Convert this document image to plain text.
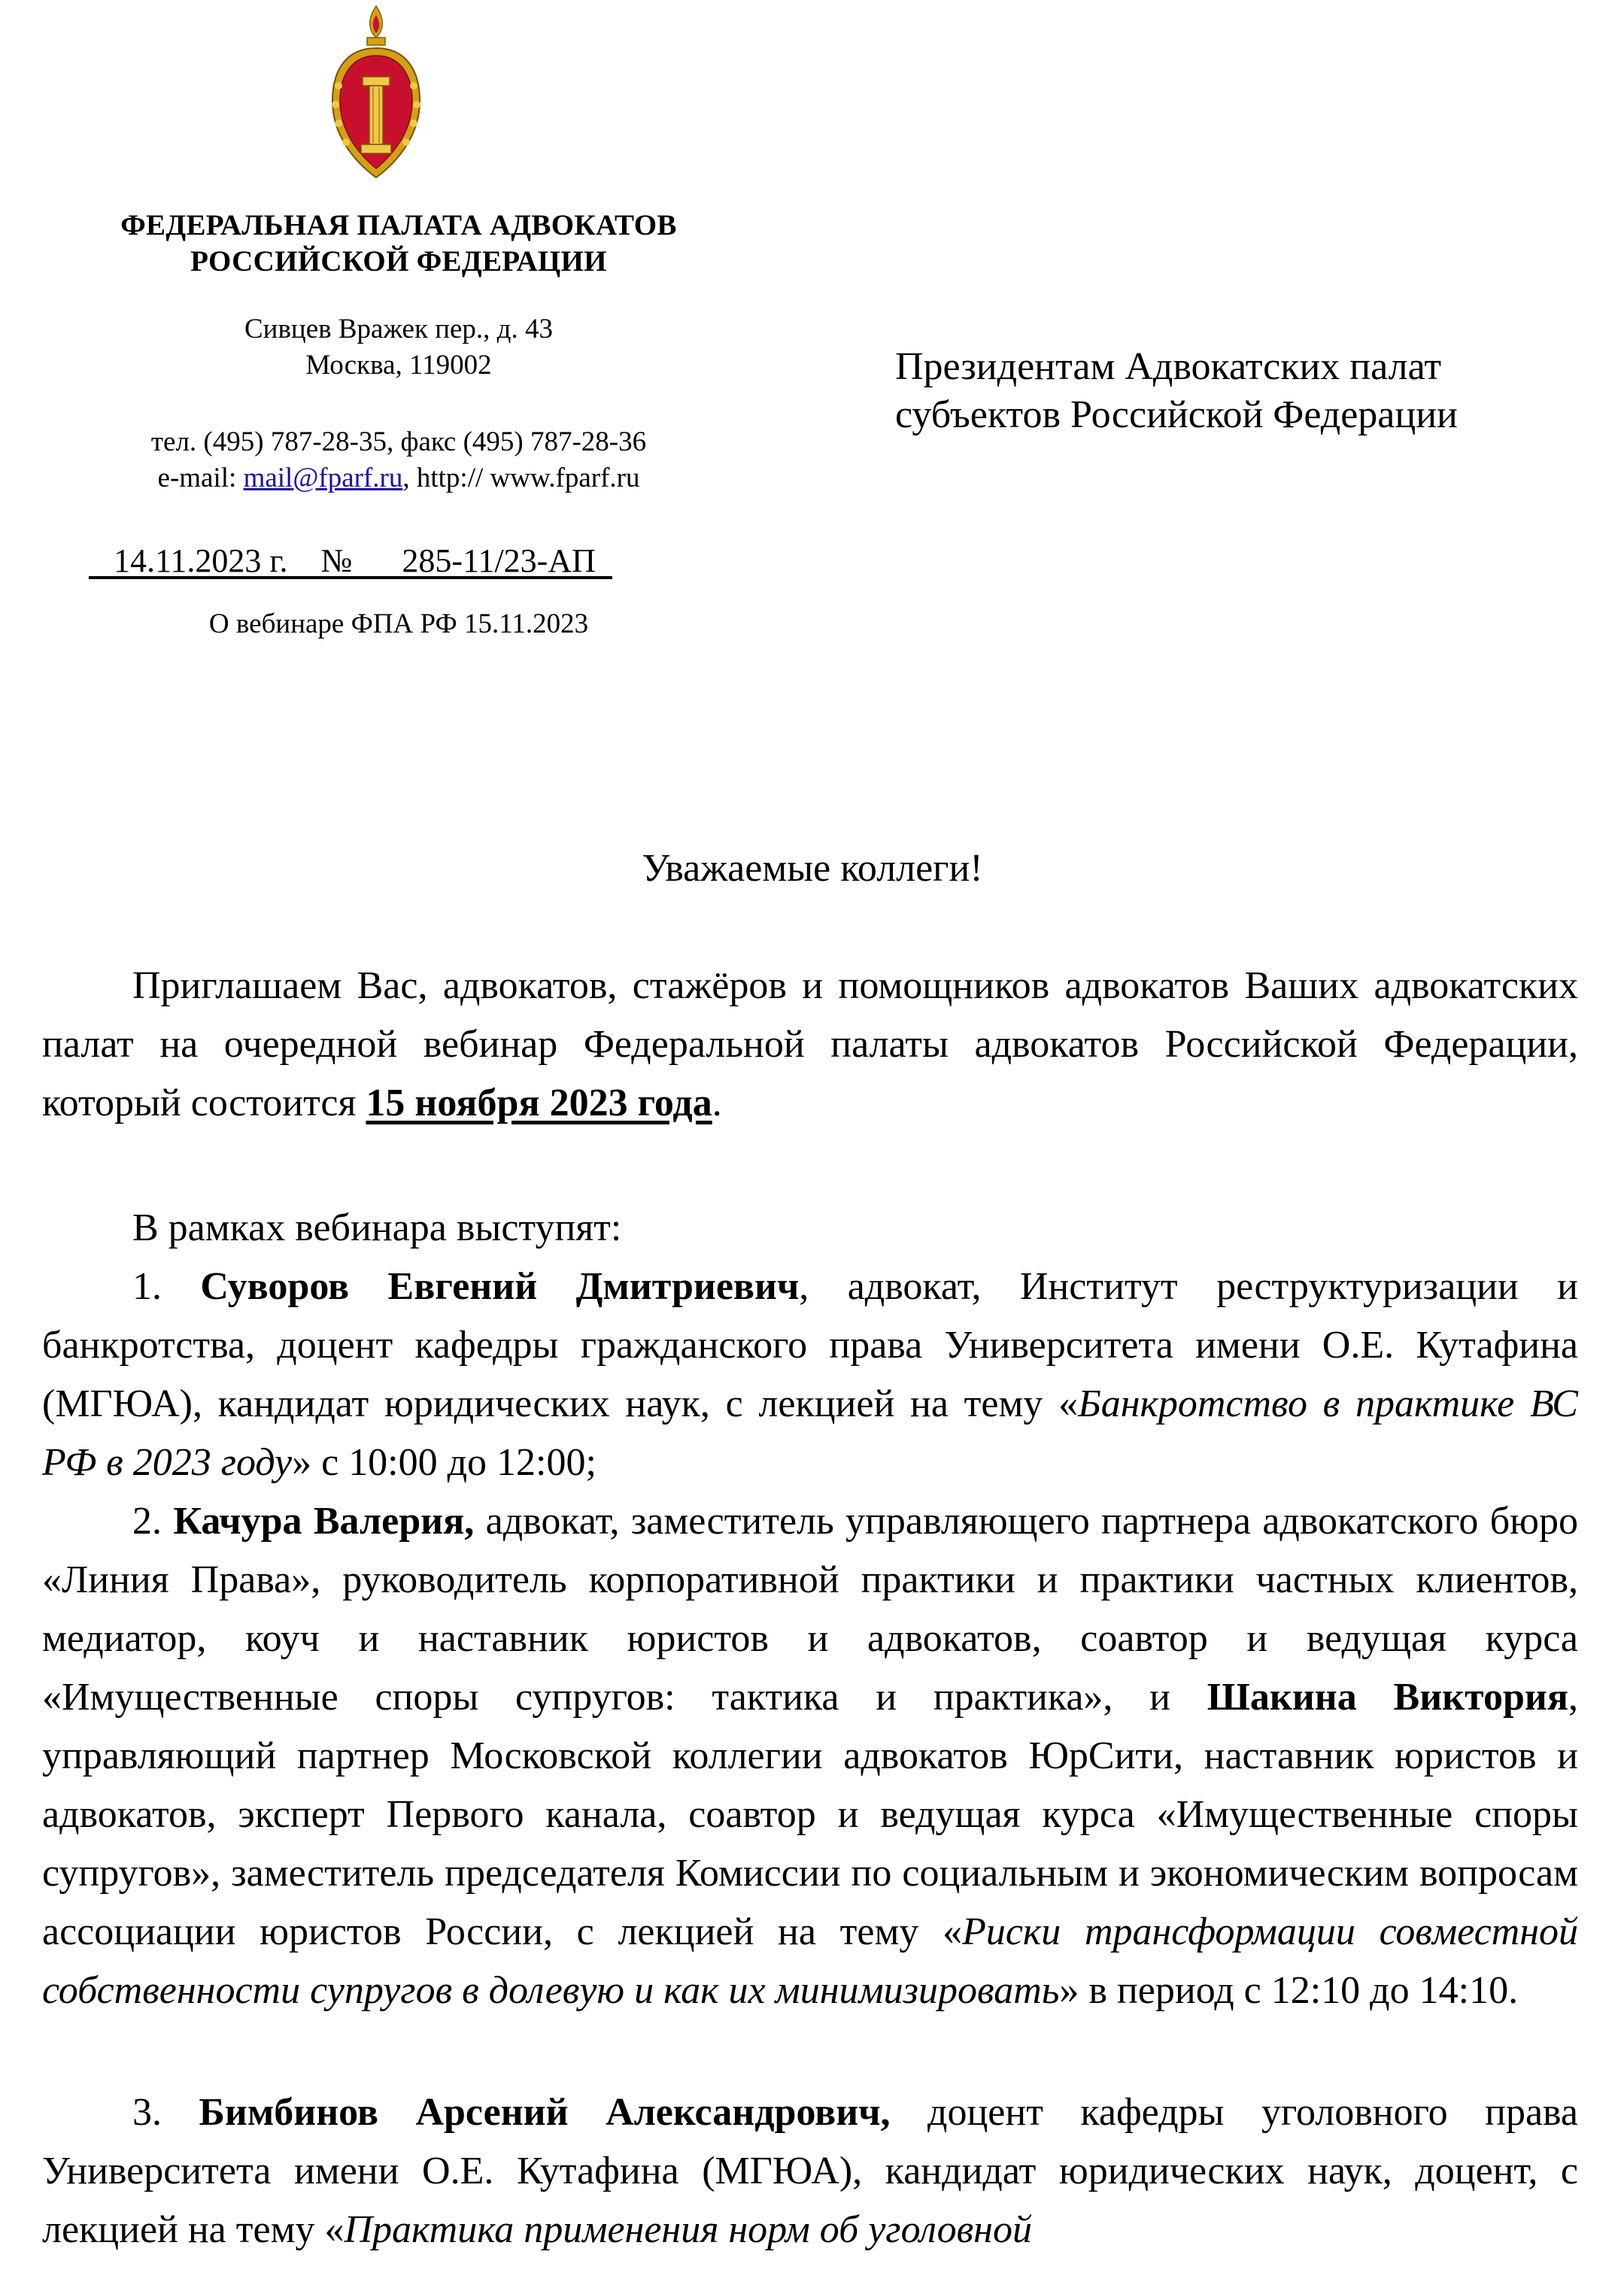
ФЕДЕРАЛЬНАЯ ПАЛАТА АДВОКАТОВ
РОССИЙСКОЙ ФЕДЕРАЦИИ
Сивцев Вражек пер., д. 43
Москва, 119002
тел. (495) 787-28-35, факс (495) 787-28-36
e-mail: mail@fparf.ru, http:// www.fparf.ru
14.11.2023 г.    №      285-11/23-АП
О вебинаре ФПА РФ 15.11.2023
Президентам Адвокатских палат
субъектов Российской Федерации
Уважаемые коллеги!

Приглашаем Вас, адвокатов, стажёров и помощников адвокатов Ваших адвокатских палат на очередной вебинар Федеральной палаты адвокатов Российской Федерации, который состоится 15 ноября 2023 года.

В рамках вебинара выступят:

1. Суворов Евгений Дмитриевич, адвокат, Институт реструктуризации и банкротства, доцент кафедры гражданского права Университета имени О.Е. Кутафина (МГЮА), кандидат юридических наук, с лекцией на тему «Банкротство в практике ВС РФ в 2023 году» с 10:00 до 12:00;

2. Качура Валерия, адвокат, заместитель управляющего партнера адвокатского бюро «Линия Права», руководитель корпоративной практики и практики частных клиентов, медиатор, коуч и наставник юристов и адвокатов, соавтор и ведущая курса «Имущественные споры супругов: тактика и практика», и Шакина Виктория, управляющий партнер Московской коллегии адвокатов ЮрСити, наставник юристов и адвокатов, эксперт Первого канала, соавтор и ведущая курса «Имущественные споры супругов», заместитель председателя Комиссии по социальным и экономическим вопросам ассоциации юристов России, с лекцией на тему «Риски трансформации совместной собственности супругов в долевую и как их минимизировать» в период с 12:10 до 14:10.

3. Бимбинов Арсений Александрович, доцент кафедры уголовного права Университета имени О.Е. Кутафина (МГЮА), кандидат юридических наук, доцент, с лекцией на тему «Практика применения норм об уголовной
